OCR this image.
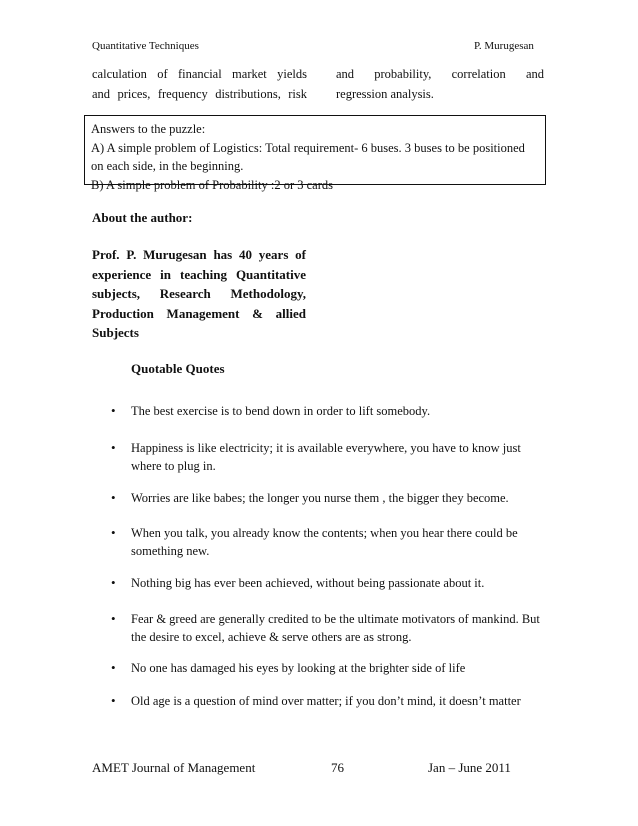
Quantitative Techniques	P. Murugesan
calculation of financial market yields
and prices, frequency distributions, risk
and probability, correlation and
regression analysis.
Answers to the puzzle:
A) A simple problem of Logistics: Total requirement- 6 buses. 3 buses to be positioned
on each side, in the beginning.
B) A simple problem of Probability :2 or 3 cards
About the author:
Prof. P. Murugesan has 40 years of
experience in teaching Quantitative
subjects, Research Methodology,
Production Management & allied
Subjects
Quotable Quotes
• The best exercise is to bend down in order to lift somebody.
• Happiness is like electricity; it is available everywhere, you have to know just
where to plug in.
• Worries are like babes; the longer you nurse them , the bigger they become.
• When you talk, you already know the contents; when you hear there could be
something new.
• Nothing big has ever been achieved, without being passionate about it.
• Fear & greed are generally credited to be the ultimate motivators of mankind. But
the desire to excel, achieve & serve others are as strong.
• No one has damaged his eyes by looking at the brighter side of life
• Old age is a question of mind over matter; if you don’t mind, it doesn’t matter
AMET Journal of Management	76	Jan – June 2011
